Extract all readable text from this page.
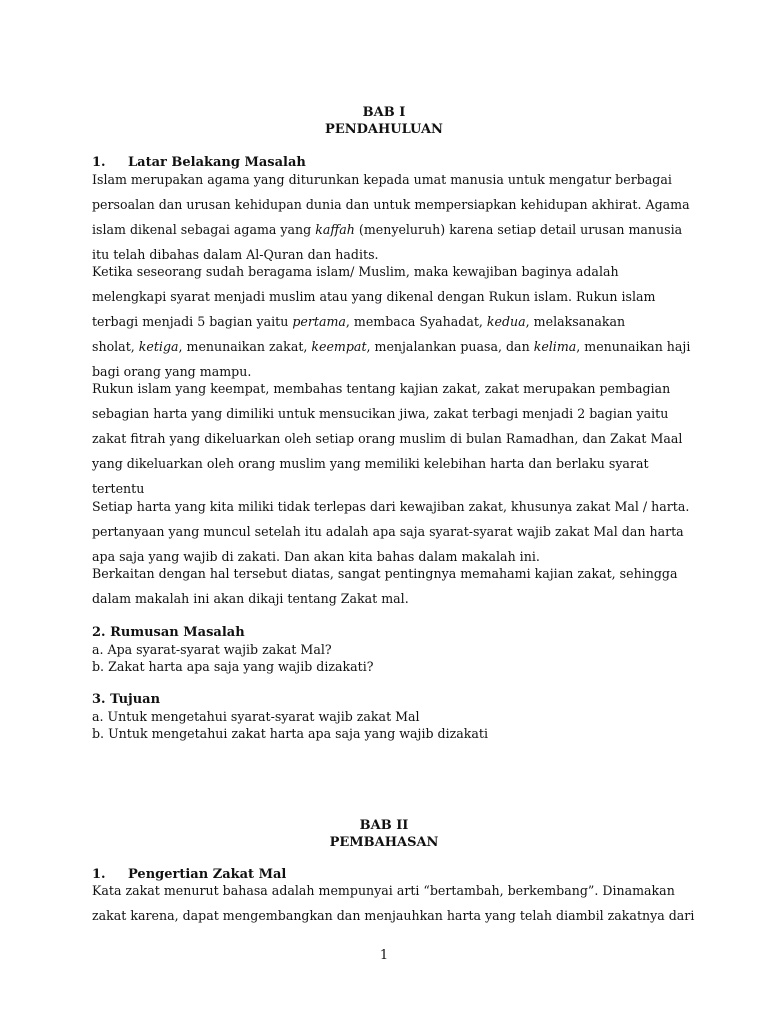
BAB I
PENDAHULUAN
1. Latar Belakang Masalah
Islam merupakan agama yang diturunkan kepada umat manusia untuk mengatur berbagai
persoalan dan urusan kehidupan dunia dan untuk mempersiapkan kehidupan akhirat. Agama
islam dikenal sebagai agama yang kaffah (menyeluruh) karena setiap detail urusan manusia
itu telah dibahas dalam Al-Quran dan hadits.
Ketika seseorang sudah beragama islam/ Muslim, maka kewajiban baginya adalah
melengkapi syarat menjadi muslim atau yang dikenal dengan Rukun islam. Rukun islam
terbagi menjadi 5 bagian yaitu pertama, membaca Syahadat, kedua, melaksanakan
sholat, ketiga, menunaikan zakat, keempat, menjalankan puasa, dan kelima, menunaikan haji
bagi orang yang mampu.
Rukun islam yang keempat, membahas tentang kajian zakat, zakat merupakan pembagian
sebagian harta yang dimiliki untuk mensucikan jiwa, zakat terbagi menjadi 2 bagian yaitu
zakat fitrah yang dikeluarkan oleh setiap orang muslim di bulan Ramadhan, dan Zakat Maal
yang dikeluarkan oleh orang muslim yang memiliki kelebihan harta dan berlaku syarat
tertentu
Setiap harta yang kita miliki tidak terlepas dari kewajiban zakat, khusunya zakat Mal / harta.
pertanyaan yang muncul setelah itu adalah apa saja syarat-syarat wajib zakat Mal dan harta
apa saja yang wajib di zakati. Dan akan kita bahas dalam makalah ini.
Berkaitan dengan hal tersebut diatas, sangat pentingnya memahami kajian zakat, sehingga
dalam makalah ini akan dikaji tentang Zakat mal.
2. Rumusan Masalah
a. Apa syarat-syarat wajib zakat Mal?
b. Zakat harta apa saja yang wajib dizakati?
3. Tujuan
a. Untuk mengetahui syarat-syarat wajib zakat Mal
b. Untuk mengetahui zakat harta apa saja yang wajib dizakati
BAB II
PEMBAHASAN
1. Pengertian Zakat Mal
Kata zakat menurut bahasa adalah mempunyai arti “bertambah, berkembang”. Dinamakan
zakat karena, dapat mengembangkan dan menjauhkan harta yang telah diambil zakatnya dari
1
